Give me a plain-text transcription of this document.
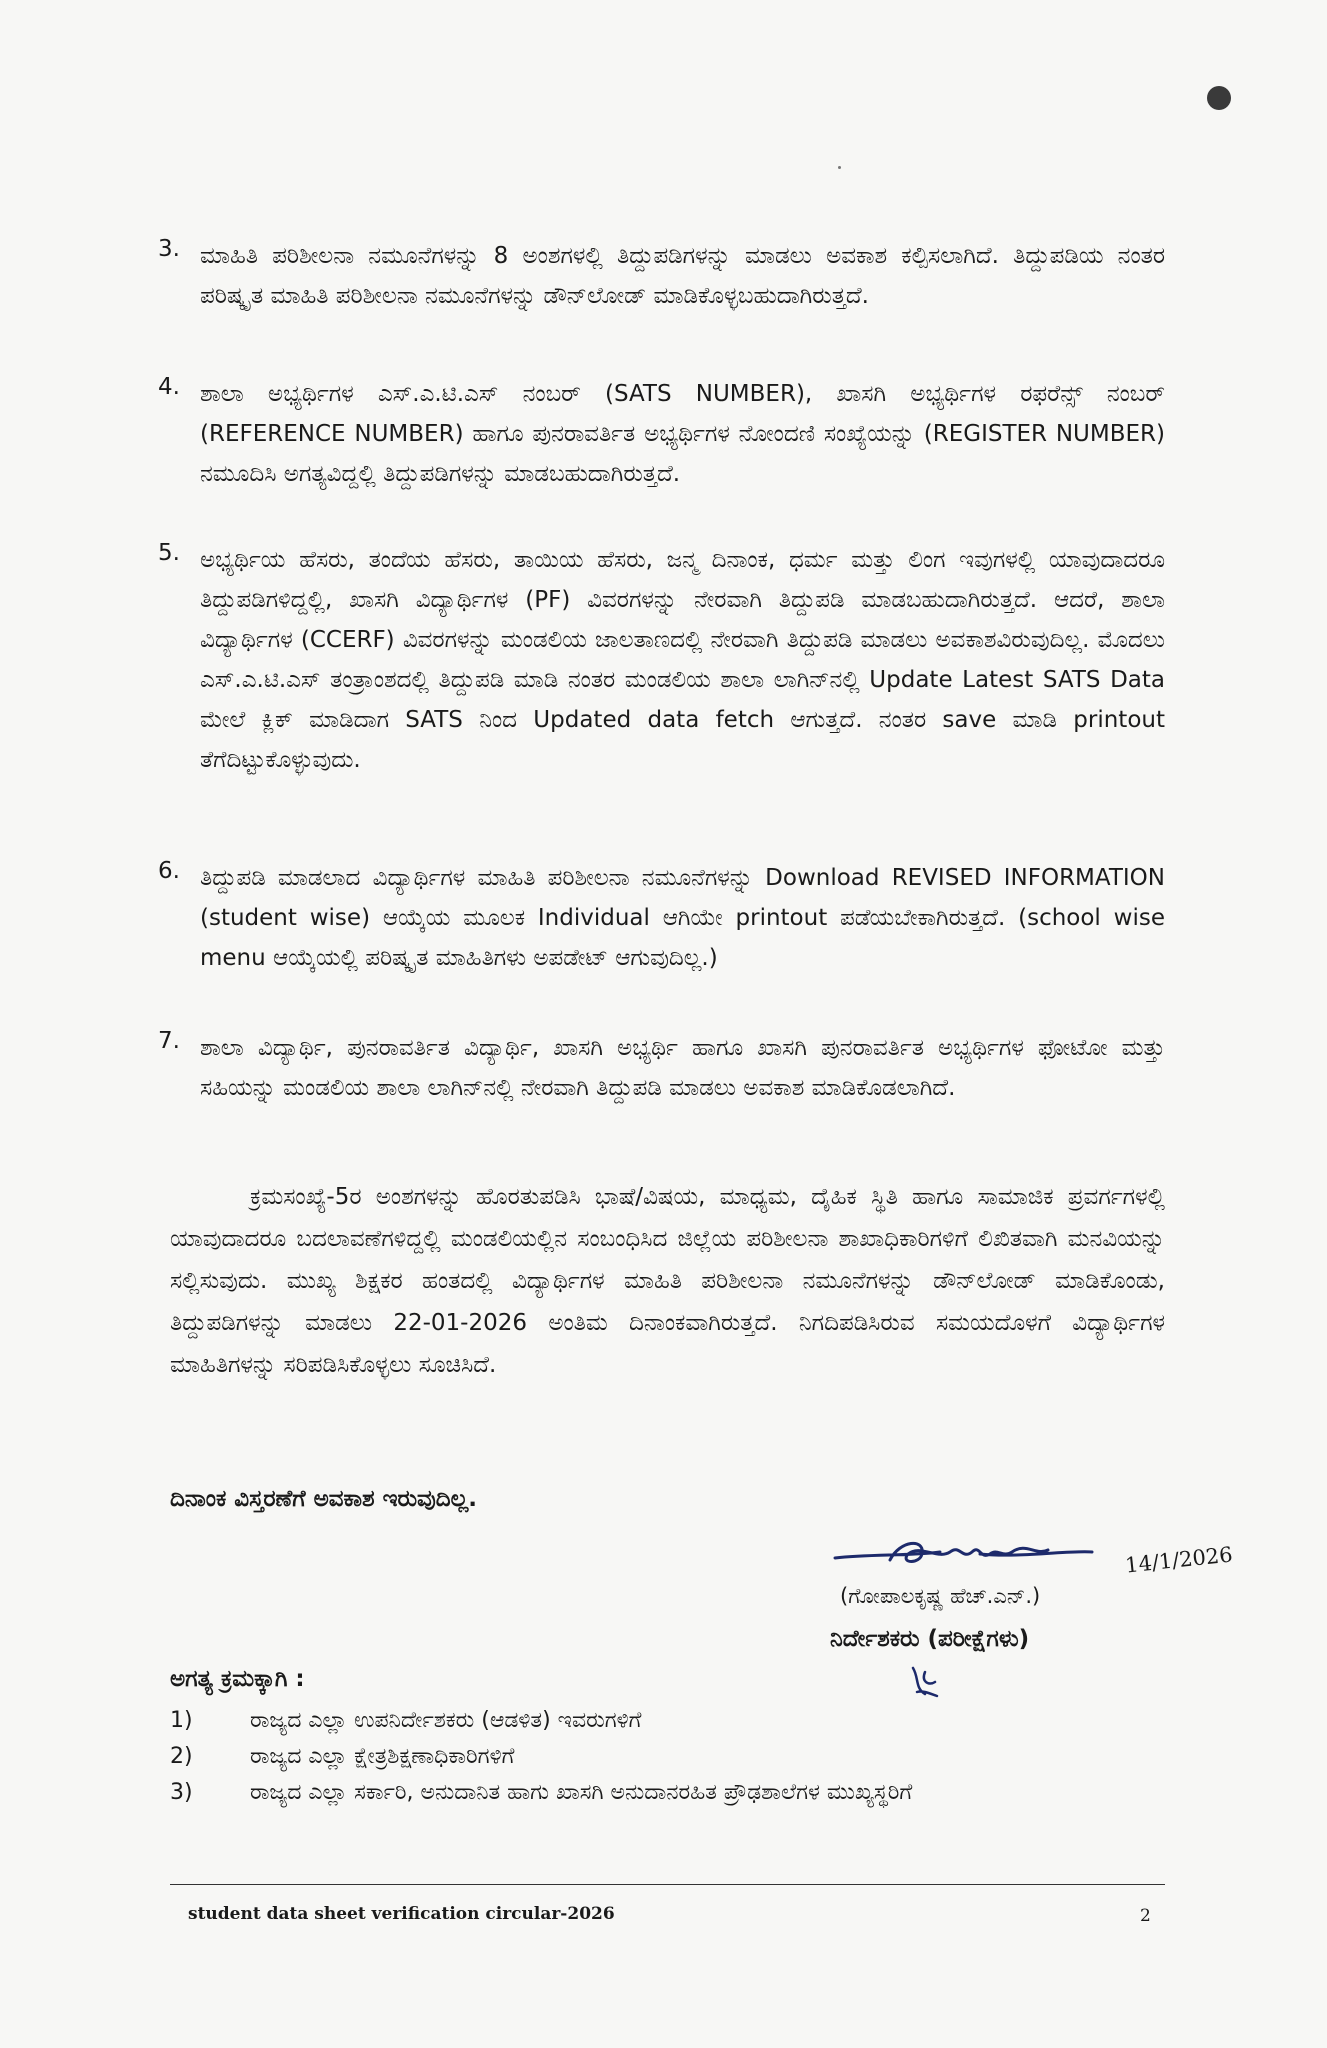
3. ಮಾಹಿತಿ ಪರಿಶೀಲನಾ ನಮೂನೆಗಳನ್ನು 8 ಅಂಶಗಳಲ್ಲಿ ತಿದ್ದುಪಡಿಗಳನ್ನು ಮಾಡಲು ಅವಕಾಶ ಕಲ್ಪಿಸಲಾಗಿದೆ. ತಿದ್ದುಪಡಿಯ ನಂತರ ಪರಿಷ್ಕೃತ ಮಾಹಿತಿ ಪರಿಶೀಲನಾ ನಮೂನೆಗಳನ್ನು ಡೌನ್‌ಲೋಡ್ ಮಾಡಿಕೊಳ್ಳಬಹುದಾಗಿರುತ್ತದೆ.

4. ಶಾಲಾ ಅಭ್ಯರ್ಥಿಗಳ ಎಸ್.ಎ.ಟಿ.ಎಸ್ ನಂಬರ್ (SATS NUMBER), ಖಾಸಗಿ ಅಭ್ಯರ್ಥಿಗಳ ರಫರೆನ್ಸ್ ನಂಬರ್ (REFERENCE NUMBER) ಹಾಗೂ ಪುನರಾವರ್ತಿತ ಅಭ್ಯರ್ಥಿಗಳ ನೋಂದಣಿ ಸಂಖ್ಯೆಯನ್ನು (REGISTER NUMBER) ನಮೂದಿಸಿ ಅಗತ್ಯವಿದ್ದಲ್ಲಿ ತಿದ್ದುಪಡಿಗಳನ್ನು ಮಾಡಬಹುದಾಗಿರುತ್ತದೆ.

5. ಅಭ್ಯರ್ಥಿಯ ಹೆಸರು, ತಂದೆಯ ಹೆಸರು, ತಾಯಿಯ ಹೆಸರು, ಜನ್ಮ ದಿನಾಂಕ, ಧರ್ಮ ಮತ್ತು ಲಿಂಗ ಇವುಗಳಲ್ಲಿ ಯಾವುದಾದರೂ ತಿದ್ದುಪಡಿಗಳಿದ್ದಲ್ಲಿ, ಖಾಸಗಿ ವಿದ್ಯಾರ್ಥಿಗಳ (PF) ವಿವರಗಳನ್ನು ನೇರವಾಗಿ ತಿದ್ದುಪಡಿ ಮಾಡಬಹುದಾಗಿರುತ್ತದೆ. ಆದರೆ, ಶಾಲಾ ವಿದ್ಯಾರ್ಥಿಗಳ (CCERF) ವಿವರಗಳನ್ನು ಮಂಡಲಿಯ ಜಾಲತಾಣದಲ್ಲಿ ನೇರವಾಗಿ ತಿದ್ದುಪಡಿ ಮಾಡಲು ಅವಕಾಶವಿರುವುದಿಲ್ಲ. ಮೊದಲು ಎಸ್.ಎ.ಟಿ.ಎಸ್ ತಂತ್ರಾಂಶದಲ್ಲಿ ತಿದ್ದುಪಡಿ ಮಾಡಿ ನಂತರ ಮಂಡಲಿಯ ಶಾಲಾ ಲಾಗಿನ್‌ನಲ್ಲಿ Update Latest SATS Data ಮೇಲೆ ಕ್ಲಿಕ್ ಮಾಡಿದಾಗ SATS ನಿಂದ Updated data fetch ಆಗುತ್ತದೆ. ನಂತರ save ಮಾಡಿ printout ತೆಗೆದಿಟ್ಟುಕೊಳ್ಳುವುದು.

6. ತಿದ್ದುಪಡಿ ಮಾಡಲಾದ ವಿದ್ಯಾರ್ಥಿಗಳ ಮಾಹಿತಿ ಪರಿಶೀಲನಾ ನಮೂನೆಗಳನ್ನು Download REVISED INFORMATION (student wise) ಆಯ್ಕೆಯ ಮೂಲಕ Individual ಆಗಿಯೇ printout ಪಡೆಯಬೇಕಾಗಿರುತ್ತದೆ. (school wise menu ಆಯ್ಕೆಯಲ್ಲಿ ಪರಿಷ್ಕೃತ ಮಾಹಿತಿಗಳು ಅಪಡೇಟ್ ಆಗುವುದಿಲ್ಲ.)

7. ಶಾಲಾ ವಿದ್ಯಾರ್ಥಿ, ಪುನರಾವರ್ತಿತ ವಿದ್ಯಾರ್ಥಿ, ಖಾಸಗಿ ಅಭ್ಯರ್ಥಿ ಹಾಗೂ ಖಾಸಗಿ ಪುನರಾವರ್ತಿತ ಅಭ್ಯರ್ಥಿಗಳ ಫೋಟೋ ಮತ್ತು ಸಹಿಯನ್ನು ಮಂಡಲಿಯ ಶಾಲಾ ಲಾಗಿನ್‌ನಲ್ಲಿ ನೇರವಾಗಿ ತಿದ್ದುಪಡಿ ಮಾಡಲು ಅವಕಾಶ ಮಾಡಿಕೊಡಲಾಗಿದೆ.

ಕ್ರಮಸಂಖ್ಯೆ-5ರ ಅಂಶಗಳನ್ನು ಹೊರತುಪಡಿಸಿ ಭಾಷೆ/ವಿಷಯ, ಮಾಧ್ಯಮ, ದೈಹಿಕ ಸ್ಥಿತಿ ಹಾಗೂ ಸಾಮಾಜಿಕ ಪ್ರವರ್ಗಗಳಲ್ಲಿ ಯಾವುದಾದರೂ ಬದಲಾವಣೆಗಳಿದ್ದಲ್ಲಿ ಮಂಡಲಿಯಲ್ಲಿನ ಸಂಬಂಧಿಸಿದ ಜಿಲ್ಲೆಯ ಪರಿಶೀಲನಾ ಶಾಖಾಧಿಕಾರಿಗಳಿಗೆ ಲಿಖಿತವಾಗಿ ಮನವಿಯನ್ನು ಸಲ್ಲಿಸುವುದು. ಮುಖ್ಯ ಶಿಕ್ಷಕರ ಹಂತದಲ್ಲಿ ವಿದ್ಯಾರ್ಥಿಗಳ ಮಾಹಿತಿ ಪರಿಶೀಲನಾ ನಮೂನೆಗಳನ್ನು ಡೌನ್‌ಲೋಡ್ ಮಾಡಿಕೊಂಡು, ತಿದ್ದುಪಡಿಗಳನ್ನು ಮಾಡಲು 22-01-2026 ಅಂತಿಮ ದಿನಾಂಕವಾಗಿರುತ್ತದೆ. ನಿಗದಿಪಡಿಸಿರುವ ಸಮಯದೊಳಗೆ ವಿದ್ಯಾರ್ಥಿಗಳ ಮಾಹಿತಿಗಳನ್ನು ಸರಿಪಡಿಸಿಕೊಳ್ಳಲು ಸೂಚಿಸಿದೆ.

ದಿನಾಂಕ ವಿಸ್ತರಣೆಗೆ ಅವಕಾಶ ಇರುವುದಿಲ್ಲ.
14/1/2026
(ಗೋಪಾಲಕೃಷ್ಣ ಹೆಚ್.ಎನ್.)
ನಿರ್ದೇಶಕರು (ಪರೀಕ್ಷೆಗಳು)
ಅಗತ್ಯ ಕ್ರಮಕ್ಕಾಗಿ :
1)	ರಾಜ್ಯದ ಎಲ್ಲಾ ಉಪನಿರ್ದೇಶಕರು (ಆಡಳಿತ) ಇವರುಗಳಿಗೆ
2)	ರಾಜ್ಯದ ಎಲ್ಲಾ ಕ್ಷೇತ್ರಶಿಕ್ಷಣಾಧಿಕಾರಿಗಳಿಗೆ
3)	ರಾಜ್ಯದ ಎಲ್ಲಾ ಸರ್ಕಾರಿ, ಅನುದಾನಿತ ಹಾಗು ಖಾಸಗಿ ಅನುದಾನರಹಿತ ಪ್ರೌಢಶಾಲೆಗಳ ಮುಖ್ಯಸ್ಥರಿಗೆ
student data sheet verification circular-2026	2
